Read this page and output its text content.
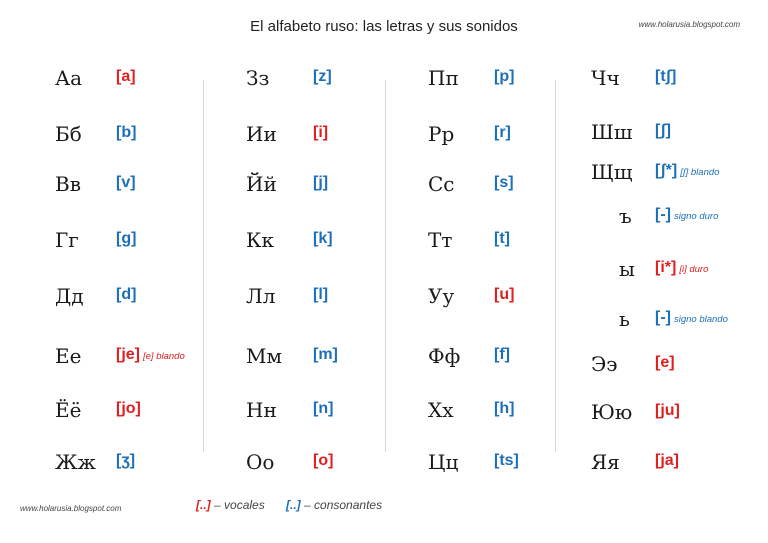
El alfabeto ruso: las letras y sus sonidos	www.holarusia.blogspot.com
Аа [a]
Бб [b]
Вв [v]
Гг [g]
Дд [d]
Ее [je] [e] blando
Ёё [jo]
Жж [ʒ]
Зз	[z]
Ии [i]
Йй [j]
Кк [k]
Лл [l]
Мм [m]
Нн [n]
Оо [o]
Пп [p]
Рр [r]
Сс [s]
Тт	[t]
Уу [u]
Фф [f]
Хх	[h]
Цц [ts]
Чч [tʃ]
Шш [ʃ]
Щщ [ʃ*] [ʃ] blando
ъ [-] signo duro
ы [i*] [i] duro
ь [-] signo blando
Ээ [e]
Юю [ju]
Яя [ja]
www.holarusia.blogspot.com	[..] – vocales [..] – consonantes
